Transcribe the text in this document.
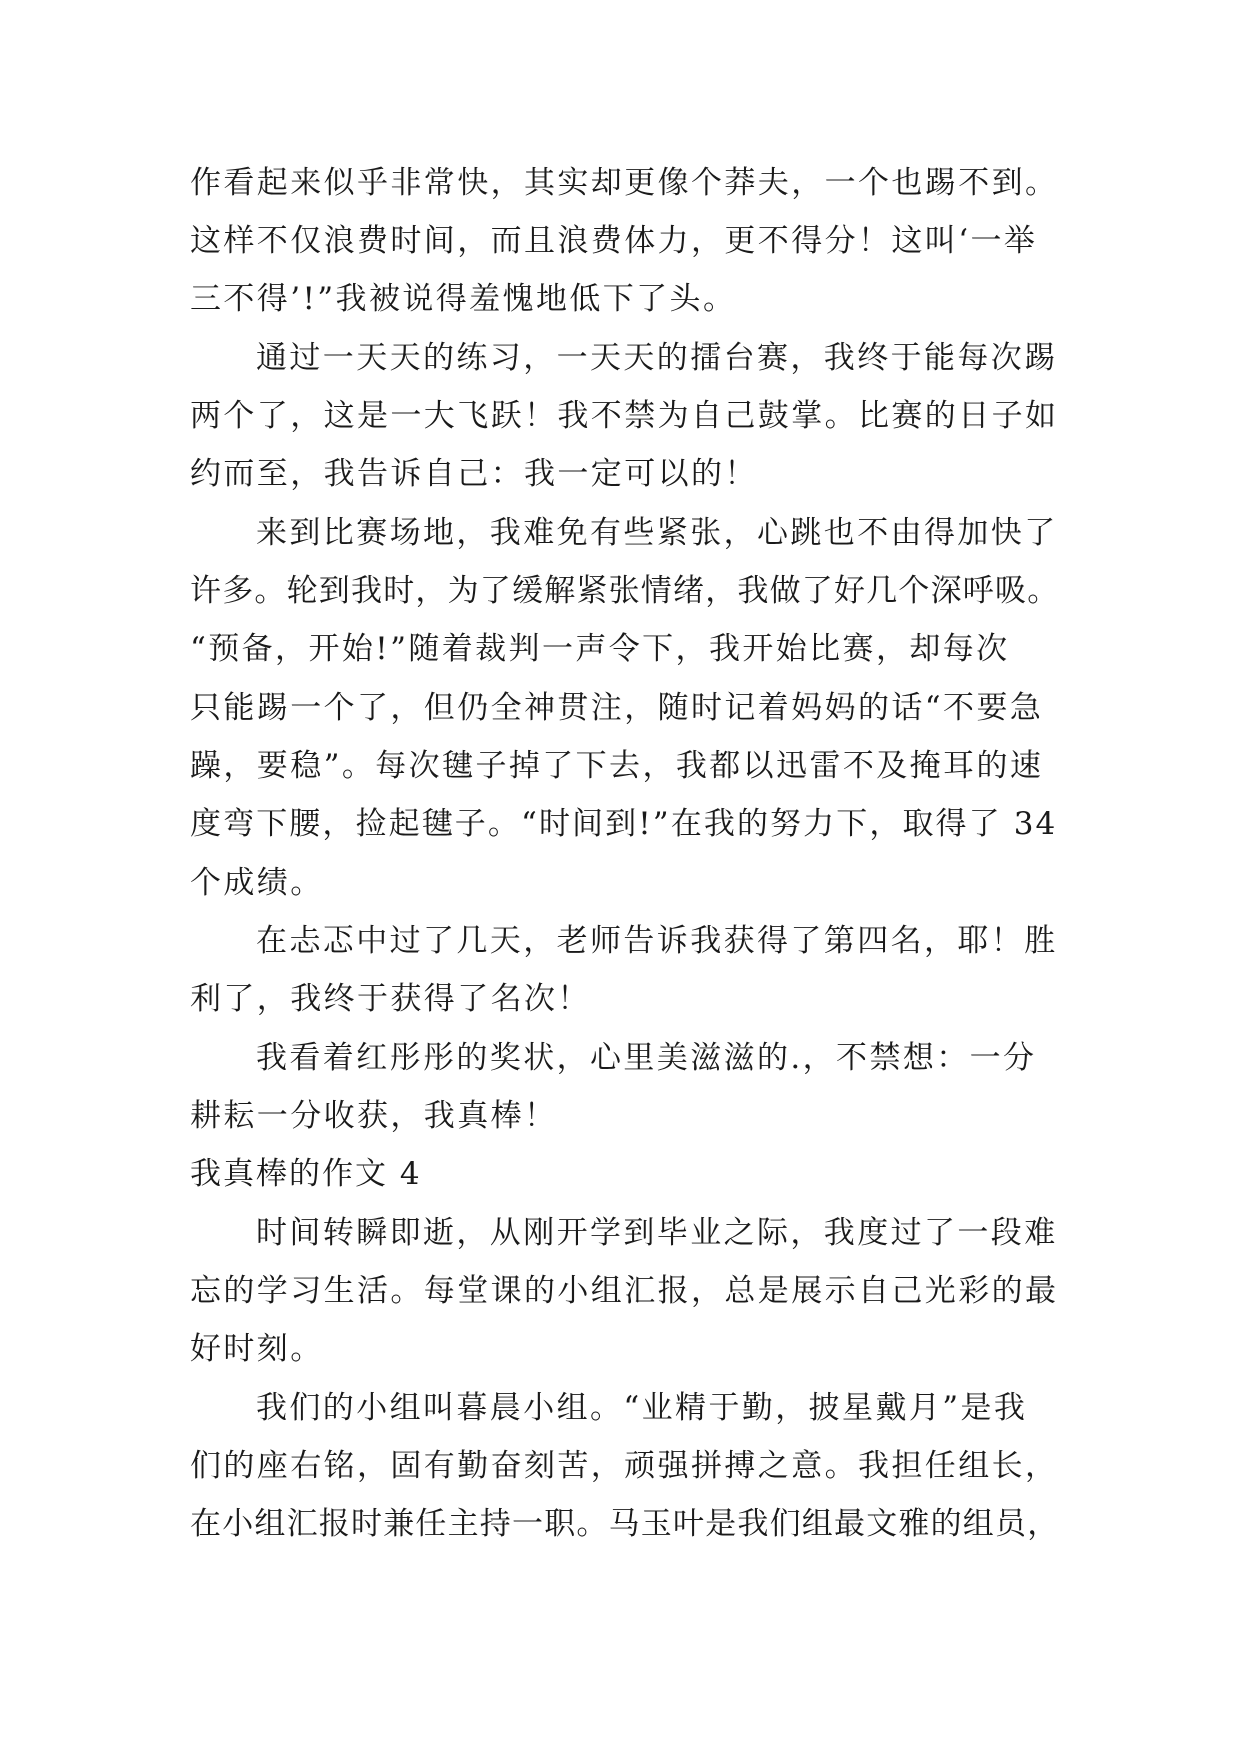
作看起来似乎非常快，其实却更像个莽夫，一个也踢不到。
这样不仅浪费时间，而且浪费体力，更不得分！这叫‘一举
三不得’!”我被说得羞愧地低下了头。
通过一天天的练习，一天天的擂台赛，我终于能每次踢
两个了，这是一大飞跃！我不禁为自己鼓掌。比赛的日子如
约而至，我告诉自己：我一定可以的！
来到比赛场地，我难免有些紧张，心跳也不由得加快了
许多。轮到我时，为了缓解紧张情绪，我做了好几个深呼吸。
“预备，开始!”随着裁判一声令下，我开始比赛，却每次
只能踢一个了，但仍全神贯注，随时记着妈妈的话“不要急
躁，要稳”。每次毽子掉了下去，我都以迅雷不及掩耳的速
度弯下腰，捡起毽子。“时间到!”在我的努力下，取得了 34
个成绩。
在忐忑中过了几天，老师告诉我获得了第四名，耶！胜
利了，我终于获得了名次！
我看着红彤彤的奖状，心里美滋滋的.，不禁想：一分
耕耘一分收获，我真棒！
我真棒的作文 4
时间转瞬即逝，从刚开学到毕业之际，我度过了一段难
忘的学习生活。每堂课的小组汇报，总是展示自己光彩的最
好时刻。
我们的小组叫暮晨小组。“业精于勤，披星戴月”是我
们的座右铭，固有勤奋刻苦，顽强拼搏之意。我担任组长，
在小组汇报时兼任主持一职。马玉叶是我们组最文雅的组员，
